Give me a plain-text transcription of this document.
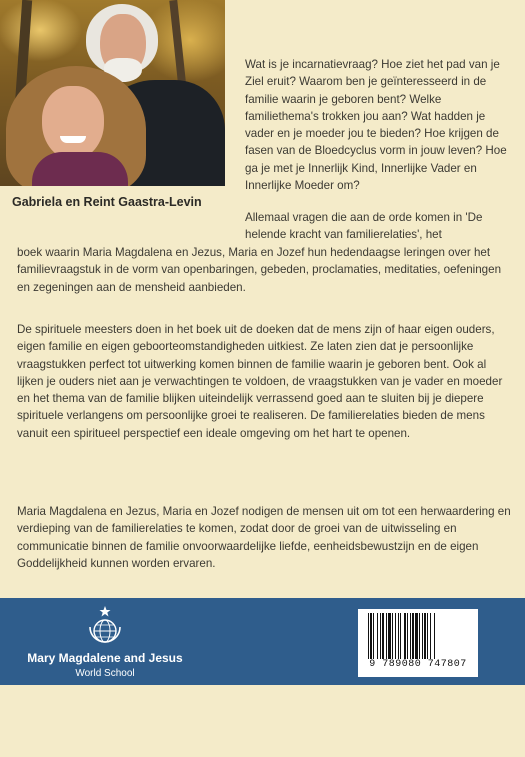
Gabriela en Reint Gaastra-Levin

Wat is je incarnatievraag? Hoe ziet het pad van je Ziel eruit? Waarom ben je geïnteresseerd in de familie waarin je geboren bent? Welke familiethema's trokken jou aan? Wat hadden je vader en je moeder jou te bieden? Hoe krijgen de fasen van de Bloedcyclus vorm in jouw leven? Hoe ga je met je Innerlijk Kind, Innerlijke Vader en Innerlijke Moeder om?

Allemaal vragen die aan de orde komen in 'De helende kracht van familierelaties', het

boek waarin Maria Magdalena en Jezus, Maria en Jozef hun hedendaagse leringen over het familievraagstuk in de vorm van openbaringen, gebeden, proclamaties, meditaties, oefeningen en zegeningen aan de mensheid aanbieden.

De spirituele meesters doen in het boek uit de doeken dat de mens zijn of haar eigen ouders, eigen familie en eigen geboorteomstandigheden uitkiest. Ze laten zien dat je persoonlijke vraagstukken perfect tot uitwerking komen binnen de familie waarin je geboren bent. Ook al lijken je ouders niet aan je verwachtingen te voldoen, de vraagstukken van je vader en moeder en het thema van de familie blijken uiteindelijk verrassend goed aan te sluiten bij je diepere spirituele verlangens om persoonlijke groei te realiseren. De familierelaties bieden de mens vanuit een spiritueel perspectief een ideale omgeving om het hart te openen.

Maria Magdalena en Jezus, Maria en Jozef nodigen de mensen uit om tot een herwaardering en verdieping van de familierelaties te komen, zodat door de groei van de uitwisseling en communicatie binnen de familie onvoorwaardelijke liefde, eenheidsbewustzijn en de eigen Goddelijkheid kunnen worden ervaren.

Mary Magdalene and Jesus
World School
9 789080 747807
